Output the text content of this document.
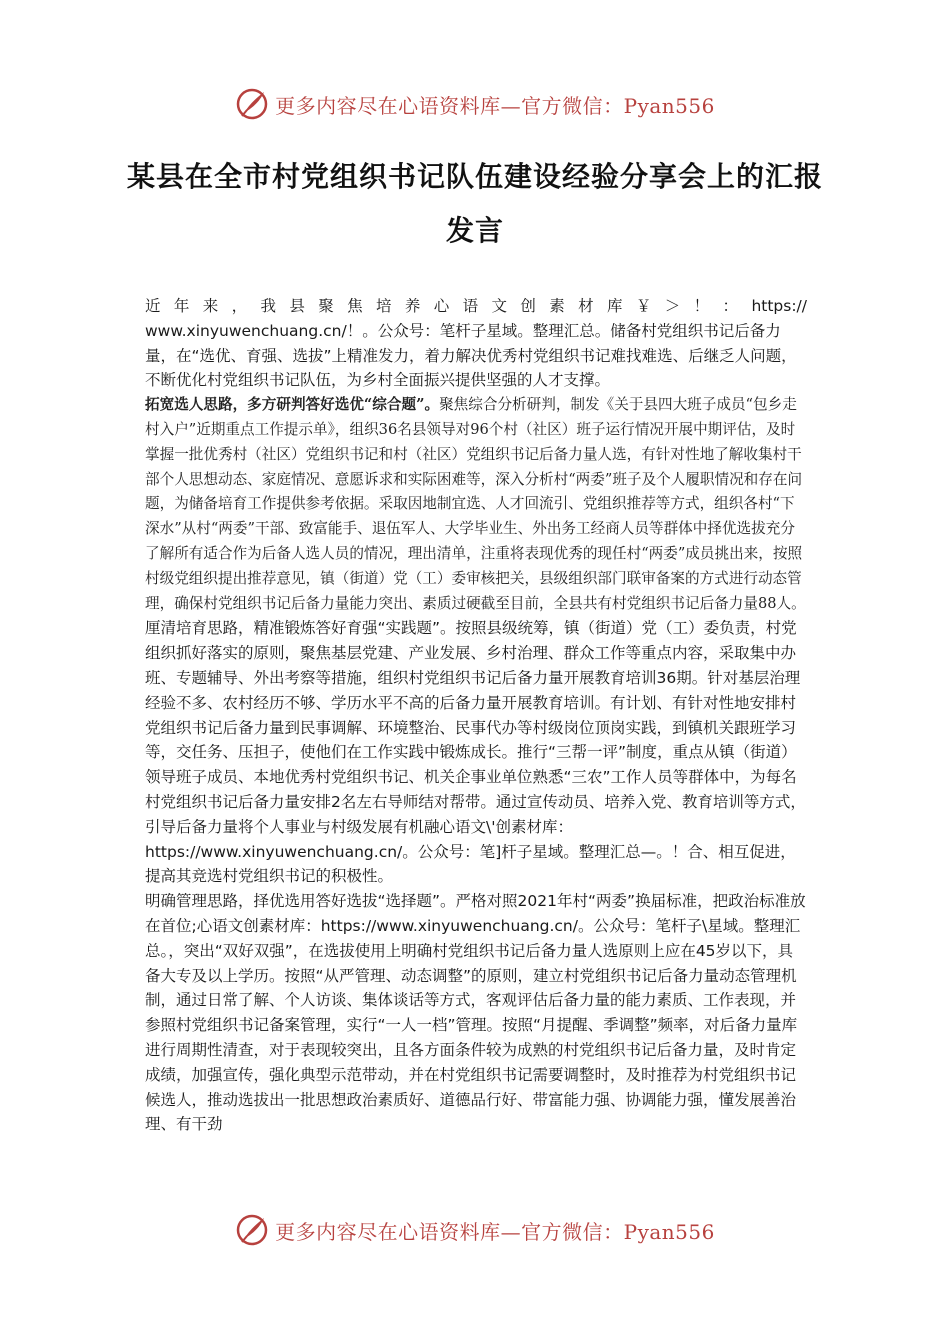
更多内容尽在心语资料库—官方微信：Pyan556
某县在全市村党组织书记队伍建设经验分享会上的汇报发言

近年来，我县聚焦培养心语文创素材库￥＞！：https://

www.xinyuwenchuang.cn/！。公众号：笔杆子星域。整理汇总。储备村党组织书记后备力量，在“选优、育强、选拔”上精准发力，着力解决优秀村党组织书记难找难选、后继乏人问题，不断优化村党组织书记队伍，为乡村全面振兴提供坚强的人才支撑。

拓宽选人思路，多方研判答好选优“综合题”。聚焦综合分析研判，制发《关于县四大班子成员“包乡走村入户”近期重点工作提示单》，组织36名县领导对96个村（社区）班子运行情况开展中期评估，及时掌握一批优秀村（社区）党组织书记和村（社区）党组织书记后备力量人选，有针对性地了解收集村干部个人思想动态、家庭情况、意愿诉求和实际困难等，深入分析村“两委”班子及个人履职情况和存在问题，为储备培育工作提供参考依据。采取因地制宜选、人才回流引、党组织推荐等方式，组织各村“下深水”从村“两委”干部、致富能手、退伍军人、大学毕业生、外出务工经商人员等群体中择优选拔充分了解所有适合作为后备人选人员的情况，理出清单，注重将表现优秀的现任村“两委”成员挑出来，按照村级党组织提出推荐意见，镇（街道）党（工）委审核把关，县级组织部门联审备案的方式进行动态管理，确保村党组织书记后备力量能力突出、素质过硬截至目前，全县共有村党组织书记后备力量88人。

厘清培育思路，精准锻炼答好育强“实践题”。按照县级统筹，镇（街道）党（工）委负责，村党组织抓好落实的原则，聚焦基层党建、产业发展、乡村治理、群众工作等重点内容，采取集中办班、专题辅导、外出考察等措施，组织村党组织书记后备力量开展教育培训36期。针对基层治理经验不多、农村经历不够、学历水平不高的后备力量开展教育培训。有计划、有针对性地安排村党组织书记后备力量到民事调解、环境整治、民事代办等村级岗位顶岗实践，到镇机关跟班学习等，交任务、压担子，使他们在工作实践中锻炼成长。推行“三帮一评”制度，重点从镇（街道）领导班子成员、本地优秀村党组织书记、机关企事业单位熟悉“三农”工作人员等群体中，为每名村党组织书记后备力量安排2名左右导师结对帮带。通过宣传动员、培养入党、教育培训等方式，引导后备力量将个人事业与村级发展有机融心语文\'创素材库：https://www.xinyuwenchuang.cn/。公众号：笔]杆子星域。整理汇总—。！合、相互促进，提高其竞选村党组织书记的积极性。

明确管理思路，择优选用答好选拔“选择题”。严格对照2021年村“两委”换届标准，把政治标准放在首位;心语文创素材库：https://www.xinyuwenchuang.cn/。公众号：笔杆子\星域。整理汇总。，突出“双好双强”，在选拔使用上明确村党组织书记后备力量人选原则上应在45岁以下，具备大专及以上学历。按照“从严管理、动态调整”的原则，建立村党组织书记后备力量动态管理机制，通过日常了解、个人访谈、集体谈话等方式，客观评估后备力量的能力素质、工作表现，并参照村党组织书记备案管理，实行“一人一档”管理。按照“月提醒、季调整”频率，对后备力量库进行周期性清查，对于表现较突出，且各方面条件较为成熟的村党组织书记后备力量，及时肯定成绩，加强宣传，强化典型示范带动，并在村党组织书记需要调整时，及时推荐为村党组织书记候选人，推动选拔出一批思想政治素质好、道德品行好、带富能力强、协调能力强，懂发展善治理、有干劲

更多内容尽在心语资料库—官方微信：Pyan556
